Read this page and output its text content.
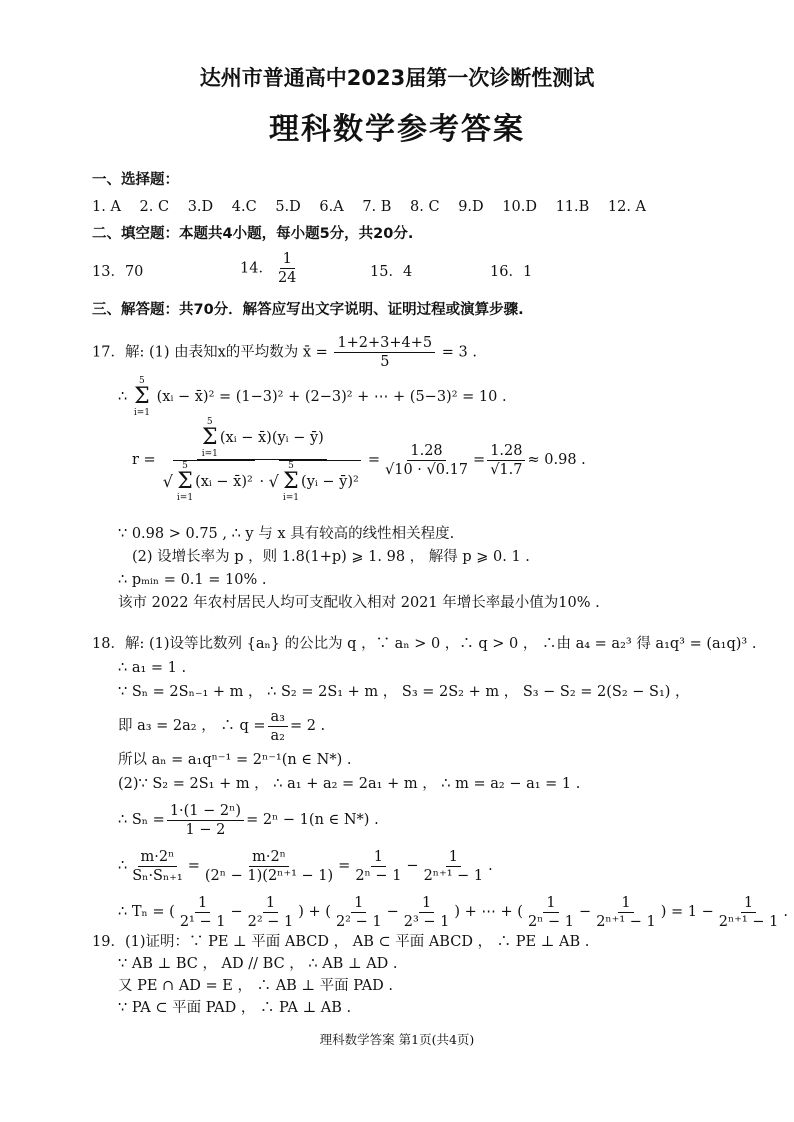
达州市普通高中2023届第一次诊断性测试
理科数学参考答案
一、选择题：
1. A 2. C 3.D 4.C 5.D 6.A 7. B 8. C 9.D 10.D 11.B 12. A
二、填空题：本题共4小题，每小题5分，共20分.
13．70	14． $\frac{1}{24}$	15．4	16．1
三、解答题：共70分．解答应写出文字说明、证明过程或演算步骤.
17．解: (1) 由表知x的平均数为 x̄ = $\frac{1+2+3+4+5}{5} = 3$ .
∴
5
Σ
i=1
(xᵢ − x̄)² = (1−3)² + (2−3)² + ⋯ + (5−3)² = 10 .
r = 5
Σ
i=1
(xᵢ − x̄)(yᵢ − ȳ)
√
5
Σ
i=1
(xᵢ − x̄)² · √
5
Σ
i=1
(yᵢ − ȳ)² = $\frac{1.28}{√10 \cdot √0.17} = \frac{1.28}{√1.7} \approx 0.98$ .
∵ 0.98 > 0.75 , ∴ y 与 x 具有较高的线性相关程度.
(2) 设增长率为 p ，则 1.8(1+p) ⩾ 1. 98 ， 解得 p ⩾ 0. 1 .
∴ pₘᵢₙ = 0.1 = 10% .
该市 2022 年农村居民人均可支配收入相对 2021 年增长率最小值为10% .
18．解: (1)设等比数列 {aₙ} 的公比为 q ，∵ aₙ > 0 ，∴ q > 0 ， ∴由 a₄ = a₂³ 得 a₁q³ = (a₁q)³ .
∴ a₁ = 1 .
∵ Sₙ = 2Sₙ₋₁ + m ， ∴ S₂ = 2S₁ + m ， S₃ = 2S₂ + m ， S₃ − S₂ = 2(S₂ − S₁) ，
即 a₃ = 2a₂ ， ∴ $q = \frac{\text{a₃}}{\text{a₂}} = 2$ .
所以 aₙ = a₁qⁿ⁻¹ = 2ⁿ⁻¹(n ∈ N*) .
(2)∵ S₂ = 2S₁ + m ， ∴ a₁ + a₂ = 2a₁ + m ， ∴ m = a₂ − a₁ = 1 .
∴ $S_n = \frac{\text{1·(1 − 2ⁿ)}}{1 - 2} = 2^n - 1(n$ ∈ N*) .
∴ $\frac{\text{m·2ⁿ}}{\text{Sₙ·Sₙ₊₁}} = \frac{\text{m·2ⁿ}}{\text{(2ⁿ − 1)(2ⁿ⁺¹ − 1)}} = \frac{1}{\text{2ⁿ − 1}} - \frac{1}{\text{2ⁿ⁺¹ − 1}}$ .
∴ Tₙ = ( $\frac{1}{\text{2¹ − 1}} - \frac{1}{\text{2² − 1}}$ ) + ( $\frac{1}{\text{2² − 1}} - \frac{1}{\text{2³ − 1}}$ ) + ⋯ + ( $\frac{1}{\text{2ⁿ − 1}} - \frac{1}{\text{2ⁿ⁺¹ − 1}}$ ) = $1 - \frac{1}{\text{2ⁿ⁺¹ − 1}}$ .
19．(1)证明：∵ PE ⊥ 平面 ABCD ， AB ⊂ 平面 ABCD ， ∴ PE ⊥ AB .
∵ AB ⊥ BC ， AD // BC ， ∴ AB ⊥ AD .
又 PE ∩ AD = E ， ∴ AB ⊥ 平面 PAD .
∵ PA ⊂ 平面 PAD ， ∴ PA ⊥ AB .
理科数学答案 第1页(共4页)
